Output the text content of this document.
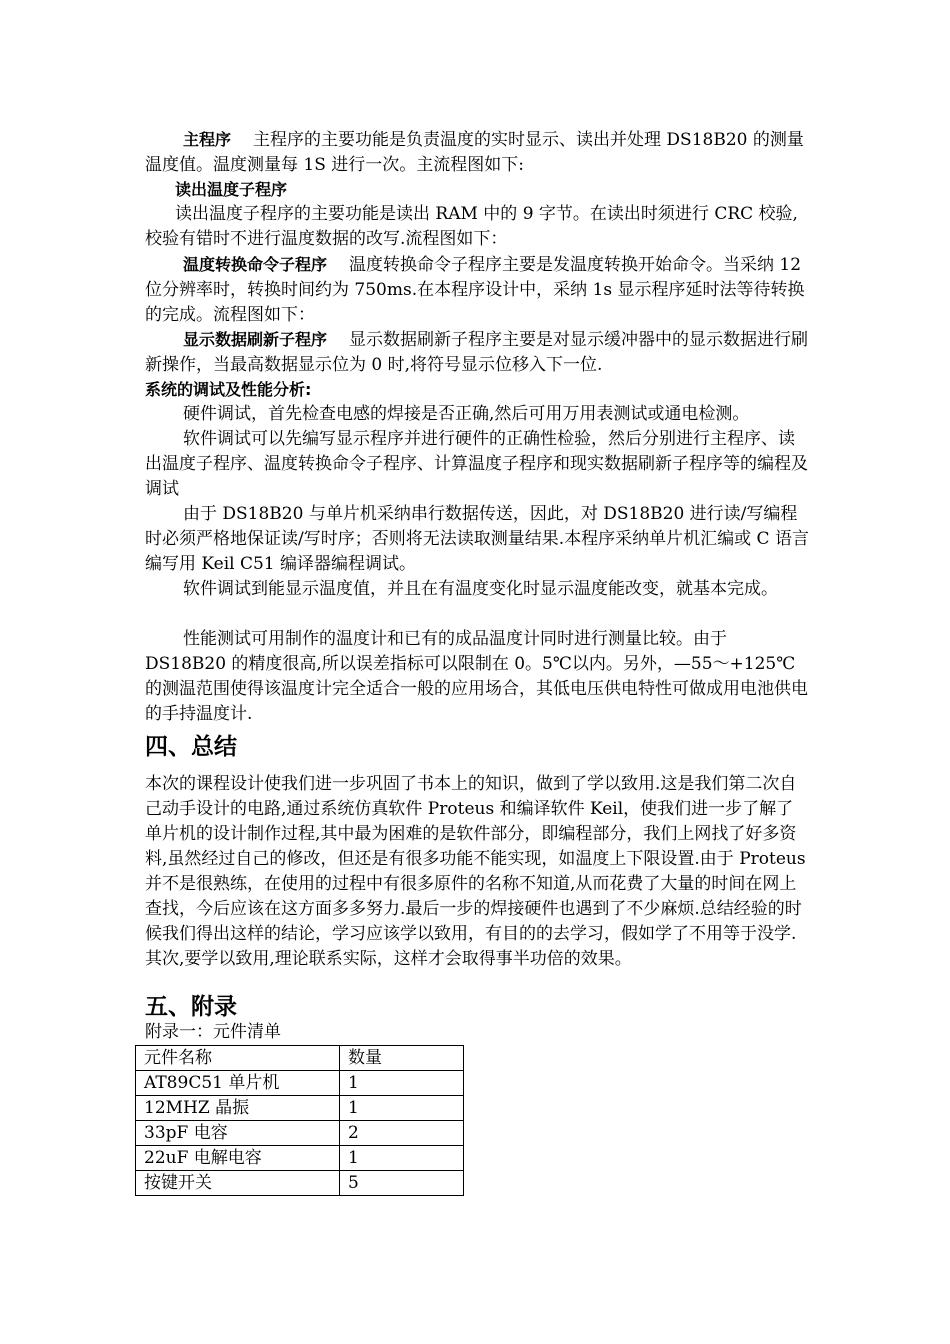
主程序 主程序的主要功能是负责温度的实时显示、读出并处理 DS18B20 的测量温度值。温度测量每 1S 进行一次。主流程图如下:

读出温度子程序

读出温度子程序的主要功能是读出 RAM 中的 9 字节。在读出时须进行 CRC 校验,校验有错时不进行温度数据的改写.流程图如下：

温度转换命令子程序 温度转换命令子程序主要是发温度转换开始命令。当采纳 12 位分辨率时，转换时间约为 750ms.在本程序设计中，采纳 1s 显示程序延时法等待转换的完成。流程图如下：

显示数据刷新子程序 显示数据刷新子程序主要是对显示缓冲器中的显示数据进行刷新操作，当最高数据显示位为 0 时,将符号显示位移入下一位.

系统的调试及性能分析:

硬件调试，首先检查电感的焊接是否正确,然后可用万用表测试或通电检测。

软件调试可以先编写显示程序并进行硬件的正确性检验，然后分别进行主程序、读出温度子程序、温度转换命令子程序、计算温度子程序和现实数据刷新子程序等的编程及调试

由于 DS18B20 与单片机采纳串行数据传送，因此，对 DS18B20 进行读/写编程时必须严格地保证读/写时序；否则将无法读取测量结果.本程序采纳单片机汇编或 C 语言编写用 Keil C51 编译器编程调试。

软件调试到能显示温度值，并且在有温度变化时显示温度能改变，就基本完成。

性能测试可用制作的温度计和已有的成品温度计同时进行测量比较。由于 DS18B20 的精度很高,所以误差指标可以限制在 0。5℃以内。另外，—55～+125℃的测温范围使得该温度计完全适合一般的应用场合，其低电压供电特性可做成用电池供电的手持温度计.

四、总结

本次的课程设计使我们进一步巩固了书本上的知识，做到了学以致用.这是我们第二次自己动手设计的电路,通过系统仿真软件 Proteus 和编译软件 Keil，使我们进一步了解了单片机的设计制作过程,其中最为困难的是软件部分，即编程部分，我们上网找了好多资料,虽然经过自己的修改，但还是有很多功能不能实现，如温度上下限设置.由于 Proteus 并不是很熟练，在使用的过程中有很多原件的名称不知道,从而花费了大量的时间在网上查找，今后应该在这方面多多努力.最后一步的焊接硬件也遇到了不少麻烦.总结经验的时候我们得出这样的结论，学习应该学以致用，有目的的去学习，假如学了不用等于没学.其次,要学以致用,理论联系实际，这样才会取得事半功倍的效果。

五、附录

附录一：元件清单

元件名称	数量
AT89C51 单片机	1
12MHZ 晶振	1
33pF 电容	2
22uF 电解电容	1
按键开关	5
